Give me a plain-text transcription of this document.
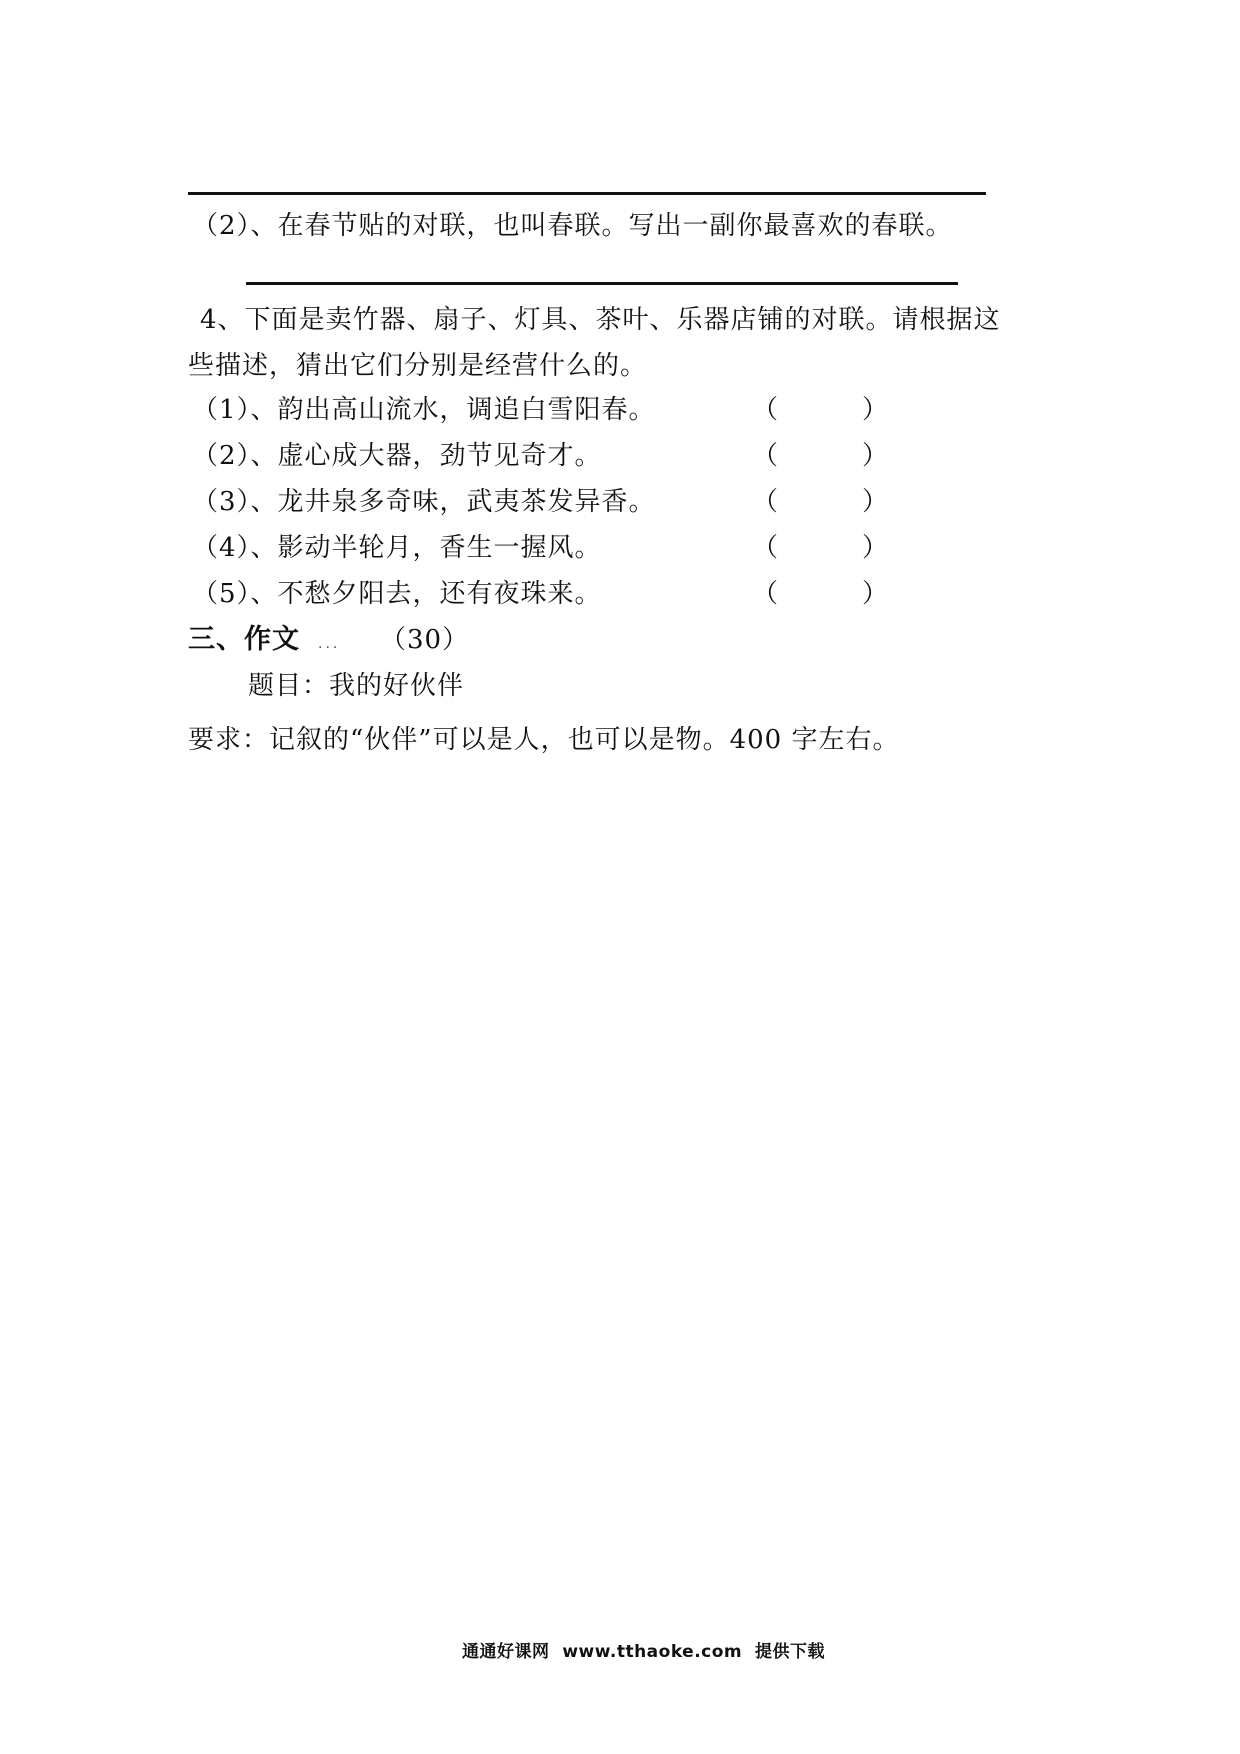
（2）、在春节贴的对联，也叫春联。写出一副你最喜欢的春联。
4、下面是卖竹器、扇子、灯具、茶叶、乐器店铺的对联。请根据这
些描述，猜出它们分别是经营什么的。
（1）、韵出高山流水，调追白雪阳春。	（	）
（2）、虚心成大器，劲节见奇才。	（	）
（3）、龙井泉多奇味，武夷茶发异香。	（	）
（4）、影动半轮月，香生一握风。	（	）
（5）、不愁夕阳去，还有夜珠来。	（	）
三、作文 ... （30）
题目：我的好伙伴
要求：记叙的“伙伴”可以是人，也可以是物。400 字左右。
通通好课网  www.tthaoke.com  提供下载
